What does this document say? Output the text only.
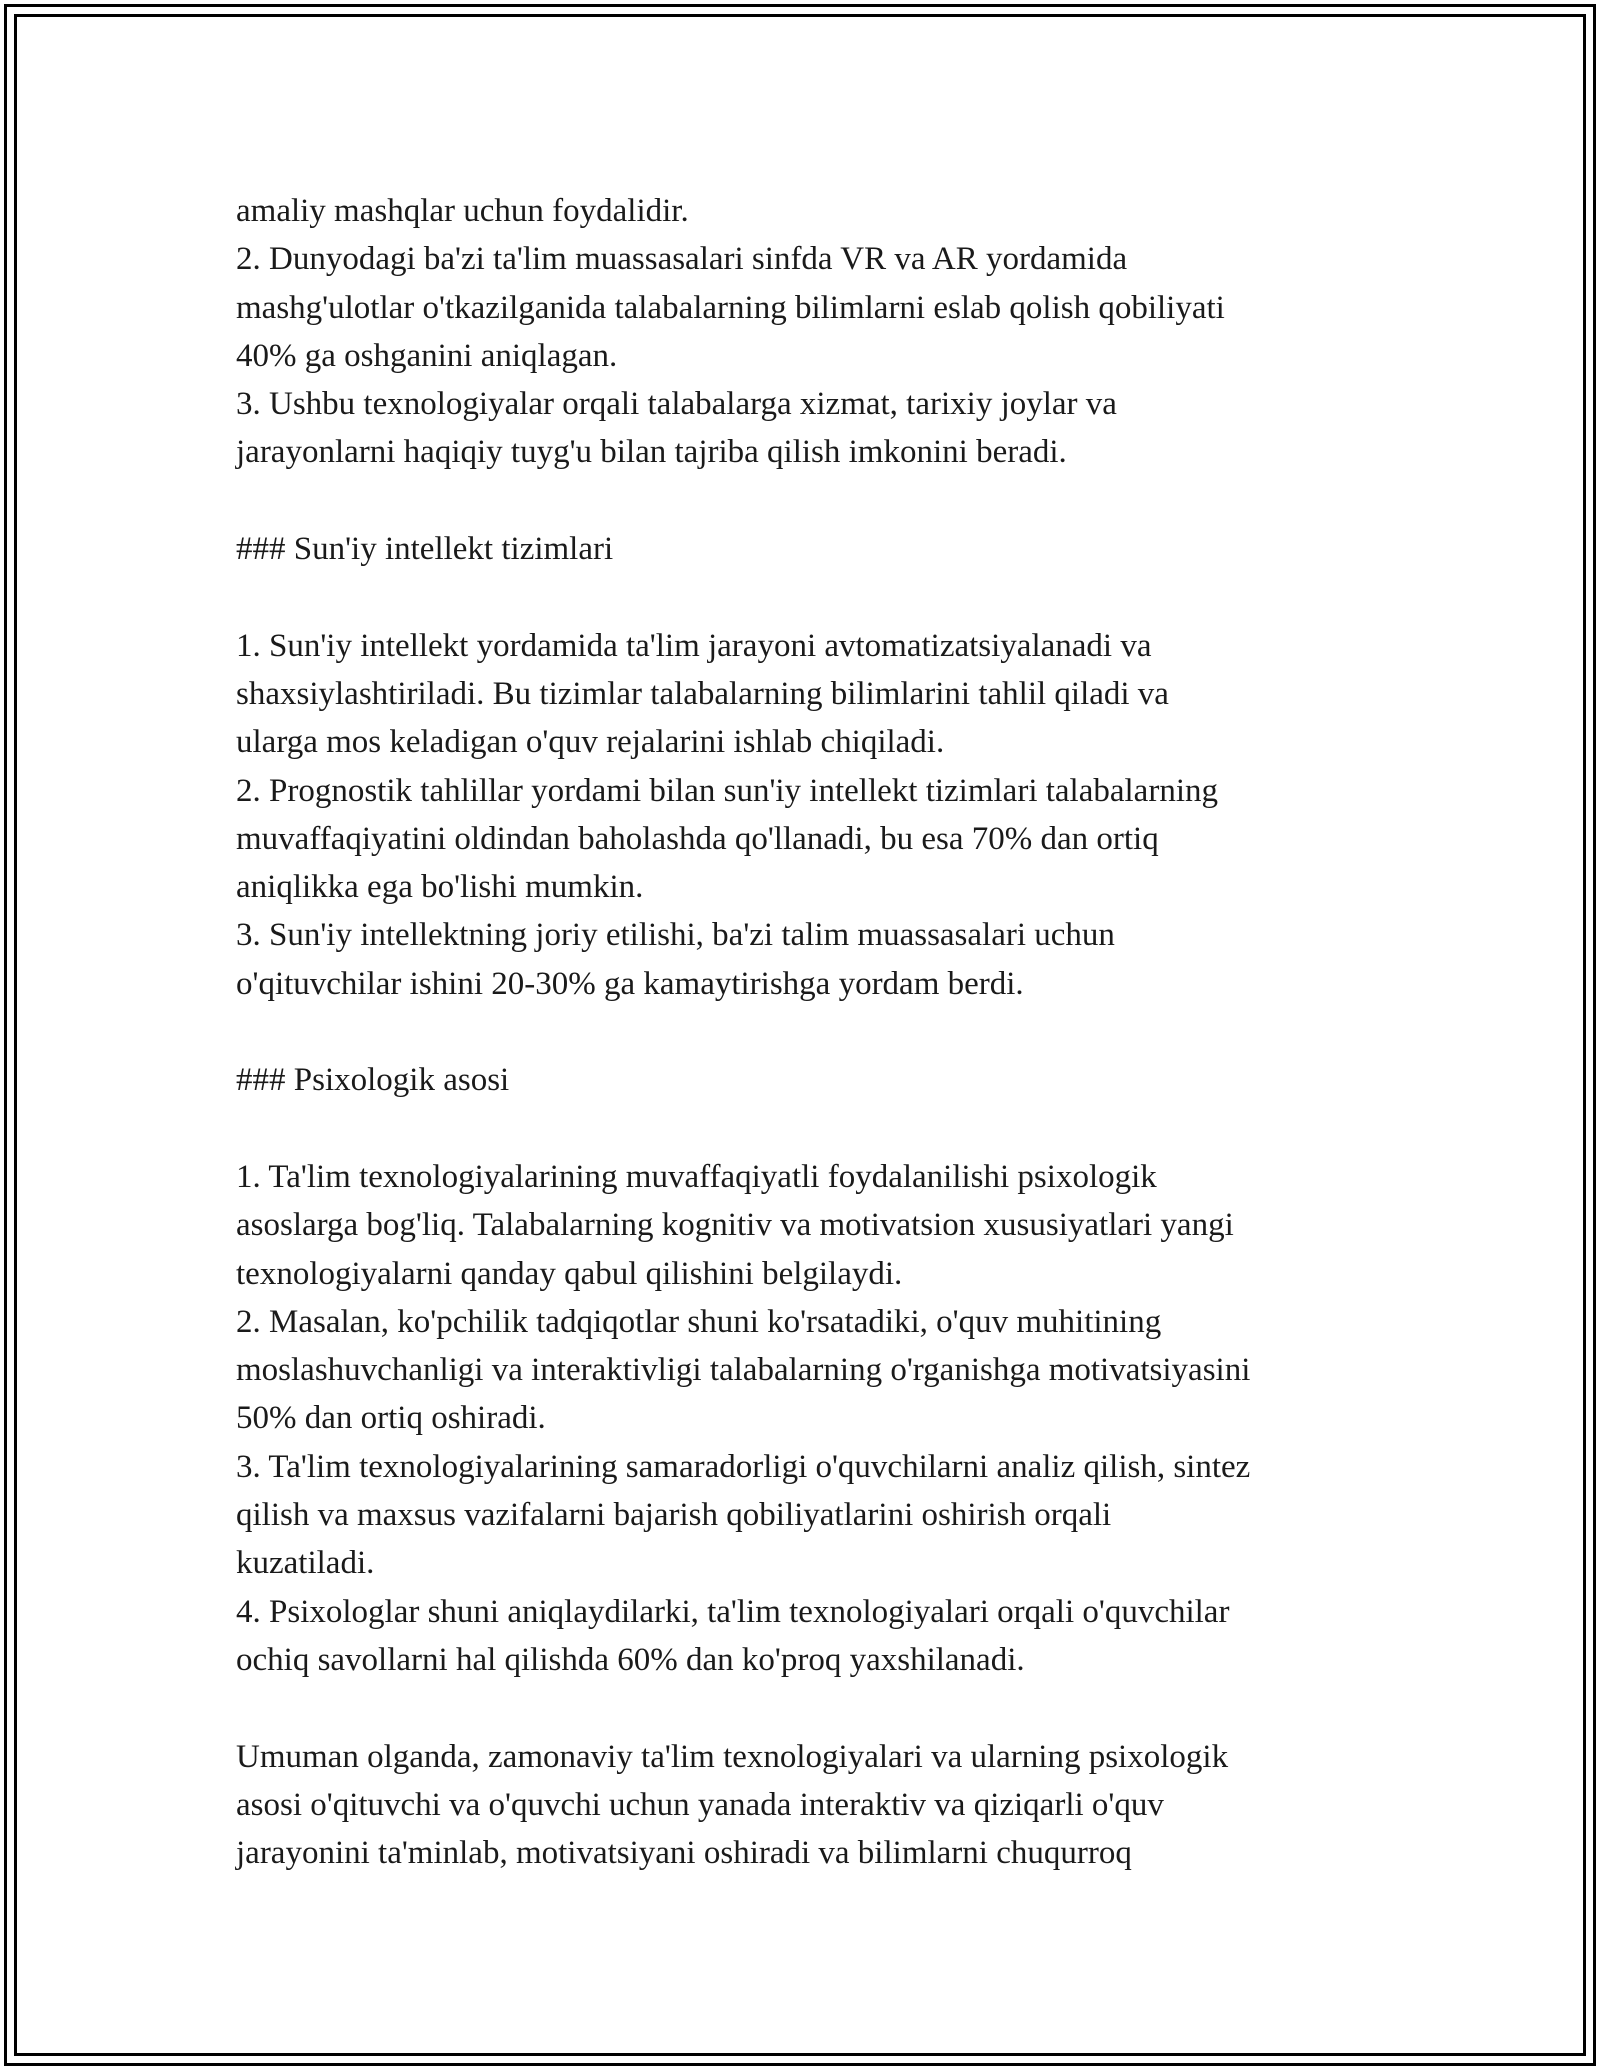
amaliy mashqlar uchun foydalidir.
2. Dunyodagi ba'zi ta'lim muassasalari sinfda VR va AR yordamida
mashg'ulotlar o'tkazilganida talabalarning bilimlarni eslab qolish qobiliyati
40% ga oshganini aniqlagan.
3. Ushbu texnologiyalar orqali talabalarga xizmat, tarixiy joylar va
jarayonlarni haqiqiy tuyg'u bilan tajriba qilish imkonini beradi.
### Sun'iy intellekt tizimlari
1. Sun'iy intellekt yordamida ta'lim jarayoni avtomatizatsiyalanadi va
shaxsiylashtiriladi. Bu tizimlar talabalarning bilimlarini tahlil qiladi va
ularga mos keladigan o'quv rejalarini ishlab chiqiladi.
2. Prognostik tahlillar yordami bilan sun'iy intellekt tizimlari talabalarning
muvaffaqiyatini oldindan baholashda qo'llanadi, bu esa 70% dan ortiq
aniqlikka ega bo'lishi mumkin.
3. Sun'iy intellektning joriy etilishi, ba'zi talim muassasalari uchun
o'qituvchilar ishini 20-30% ga kamaytirishga yordam berdi.
### Psixologik asosi
1. Ta'lim texnologiyalarining muvaffaqiyatli foydalanilishi psixologik
asoslarga bog'liq. Talabalarning kognitiv va motivatsion xususiyatlari yangi
texnologiyalarni qanday qabul qilishini belgilaydi.
2. Masalan, ko'pchilik tadqiqotlar shuni ko'rsatadiki, o'quv muhitining
moslashuvchanligi va interaktivligi talabalarning o'rganishga motivatsiyasini
50% dan ortiq oshiradi.
3. Ta'lim texnologiyalarining samaradorligi o'quvchilarni analiz qilish, sintez
qilish va maxsus vazifalarni bajarish qobiliyatlarini oshirish orqali
kuzatiladi.
4. Psixologlar shuni aniqlaydilarki, ta'lim texnologiyalari orqali o'quvchilar
ochiq savollarni hal qilishda 60% dan ko'proq yaxshilanadi.
Umuman olganda, zamonaviy ta'lim texnologiyalari va ularning psixologik
asosi o'qituvchi va o'quvchi uchun yanada interaktiv va qiziqarli o'quv
jarayonini ta'minlab, motivatsiyani oshiradi va bilimlarni chuqurroq
